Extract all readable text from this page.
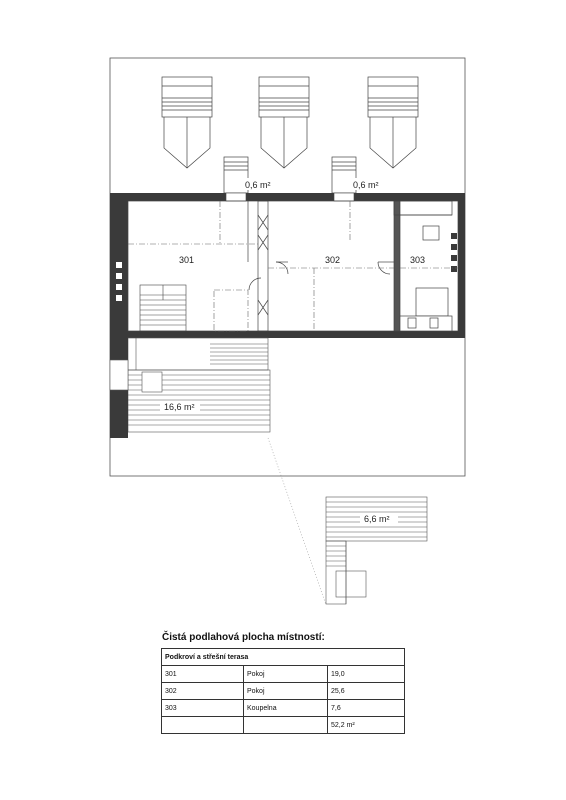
0,6 m²	0,6 m²
301	302	303
16,6 m²
6,6 m²
Čistá podlahová plocha místností:
Podkroví a střešní terasa		
301	Pokoj	19,0
302	Pokoj	25,6
303	Koupelna	7,6
		52,2 m²
